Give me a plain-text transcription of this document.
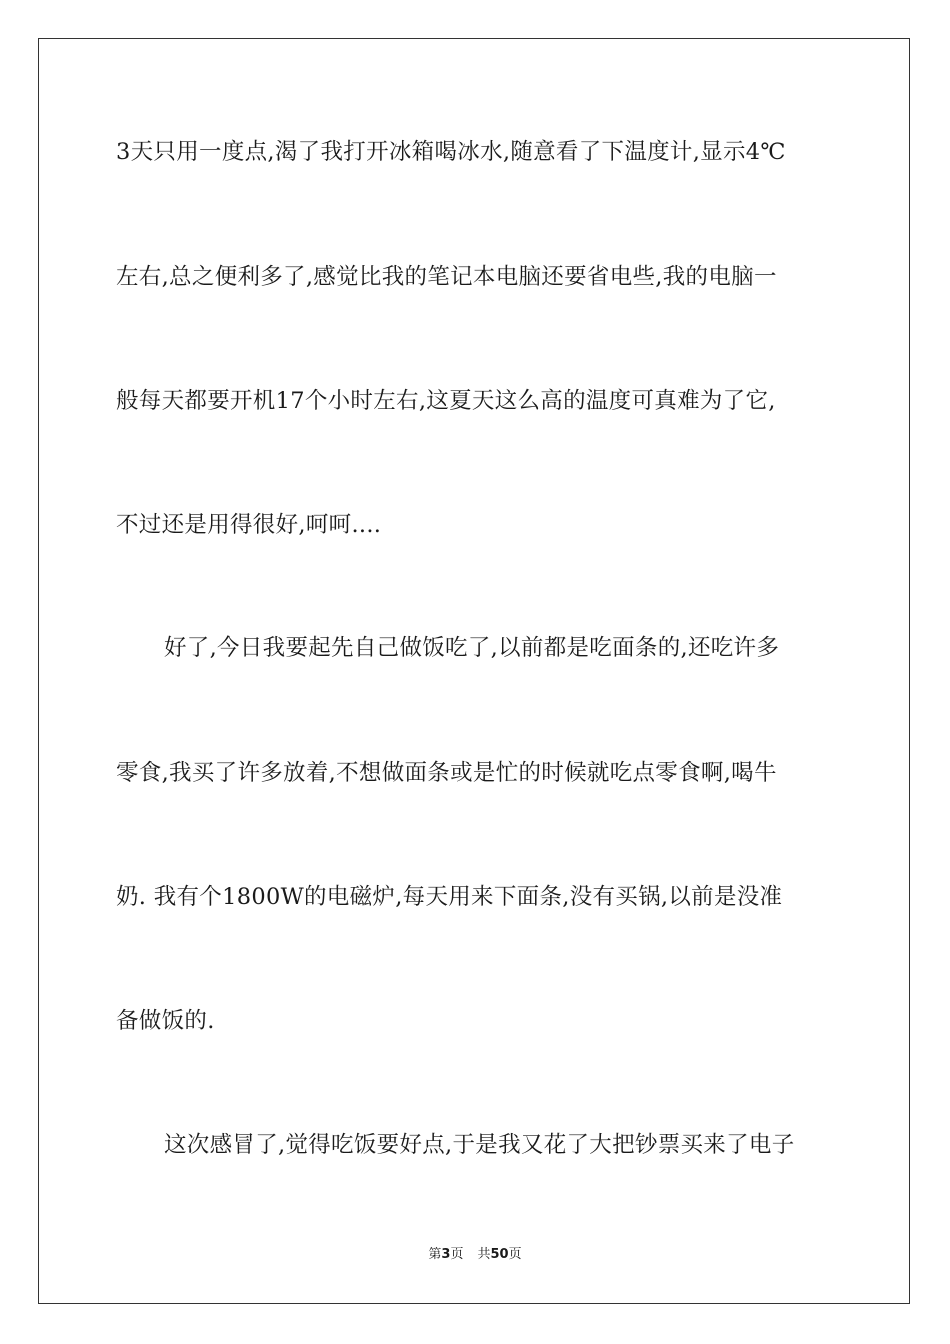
3天只用一度点,渴了我打开冰箱喝冰水,随意看了下温度计,显示4℃
左右,总之便利多了,感觉比我的笔记本电脑还要省电些,我的电脑一
般每天都要开机17个小时左右,这夏天这么高的温度可真难为了它,
不过还是用得很好,呵呵....
好了,今日我要起先自己做饭吃了,以前都是吃面条的,还吃许多
零食,我买了许多放着,不想做面条或是忙的时候就吃点零食啊,喝牛
奶. 我有个1800W的电磁炉,每天用来下面条,没有买锅,以前是没准
备做饭的.
这次感冒了,觉得吃饭要好点,于是我又花了大把钞票买来了电子
第3页 共50页
